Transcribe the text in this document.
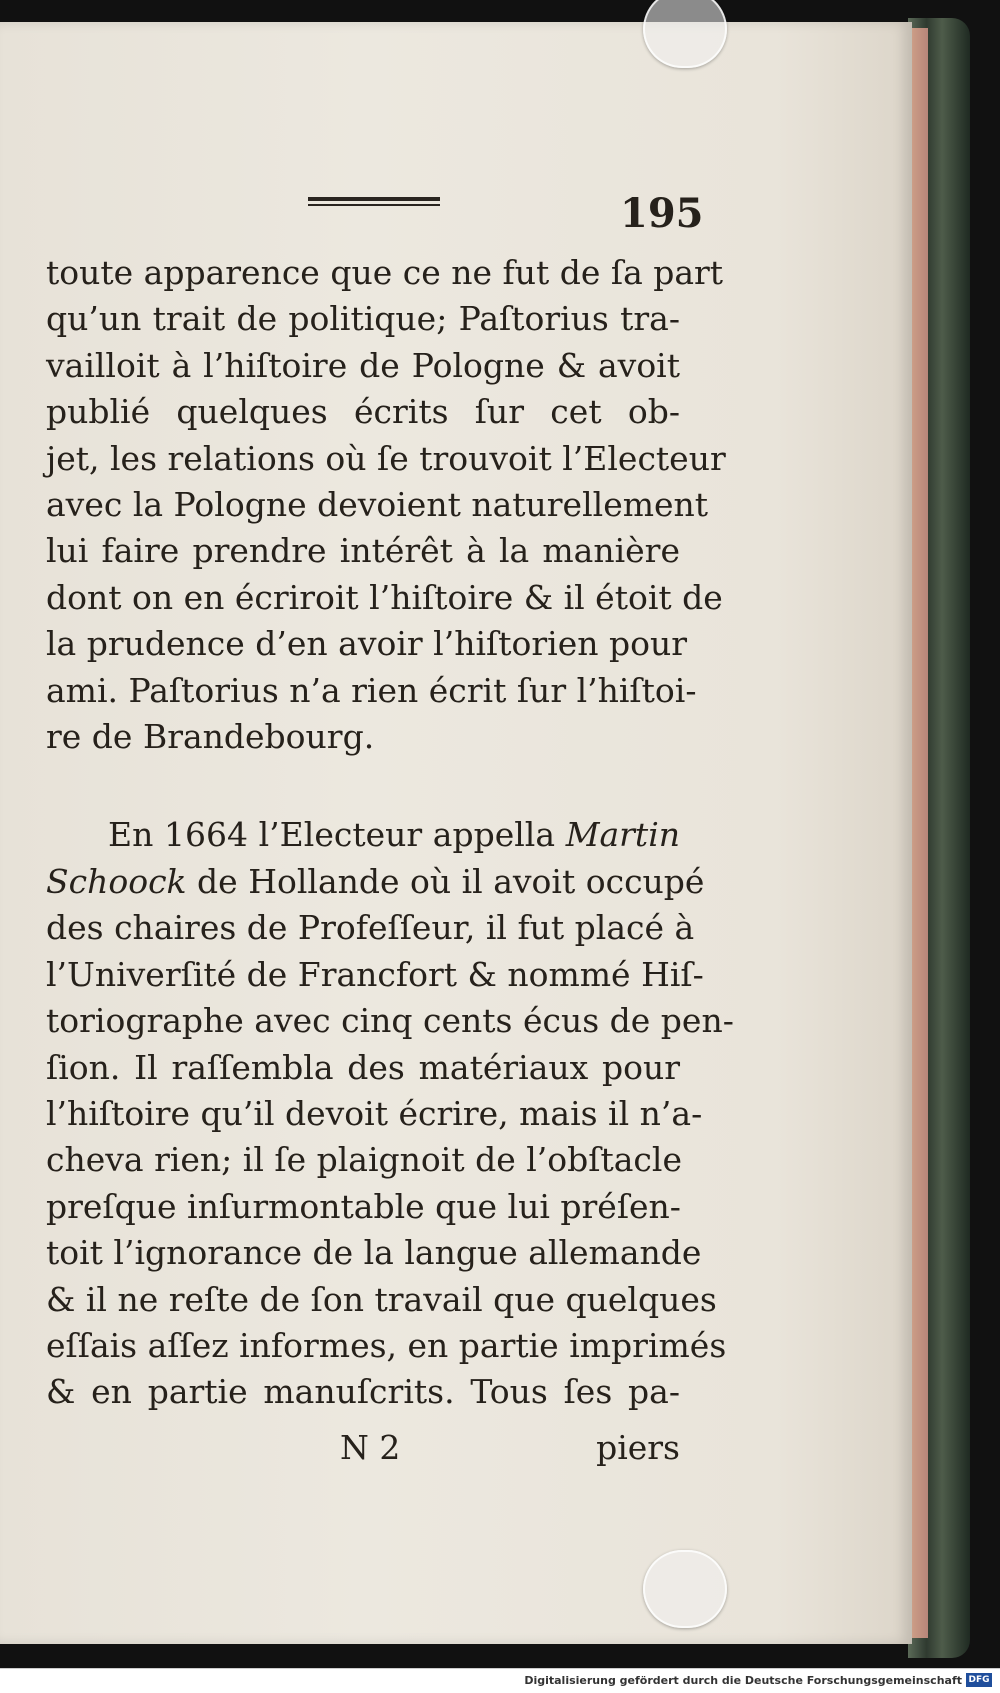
195
toute apparence que ce ne fut de ſa part
qu’un trait de politique; Paſtorius tra-
vailloit à l’hiſtoire de Pologne & avoit
publié quelques écrits ſur cet ob-
jet, les relations où ſe trouvoit l’Electeur
avec la Pologne devoient naturellement
lui faire prendre intérêt à la manière
dont on en écriroit l’hiſtoire & il étoit de
la prudence d’en avoir l’hiſtorien pour
ami. Paſtorius n’a rien écrit ſur l’hiſtoi-
re de Brandebourg.
En 1664 l’Electeur appella Martin
Schoock de Hollande où il avoit occupé
des chaires de Profeſſeur, il fut placé à
l’Univerſité de Francfort & nommé Hiſ-
toriographe avec cinq cents écus de pen-
ſion. Il raſſembla des matériaux pour
l’hiſtoire qu’il devoit écrire, mais il n’a-
cheva rien; il ſe plaignoit de l’obſtacle
preſque inſurmontable que lui préſen-
toit l’ignorance de la langue allemande
& il ne reſte de ſon travail que quelques
eſſais aſſez informes, en partie imprimés
& en partie manuſcrits. Tous ſes pa-
N 2	piers
Digitalisierung gefördert durch die Deutsche Forschungsgemeinschaft DFG
